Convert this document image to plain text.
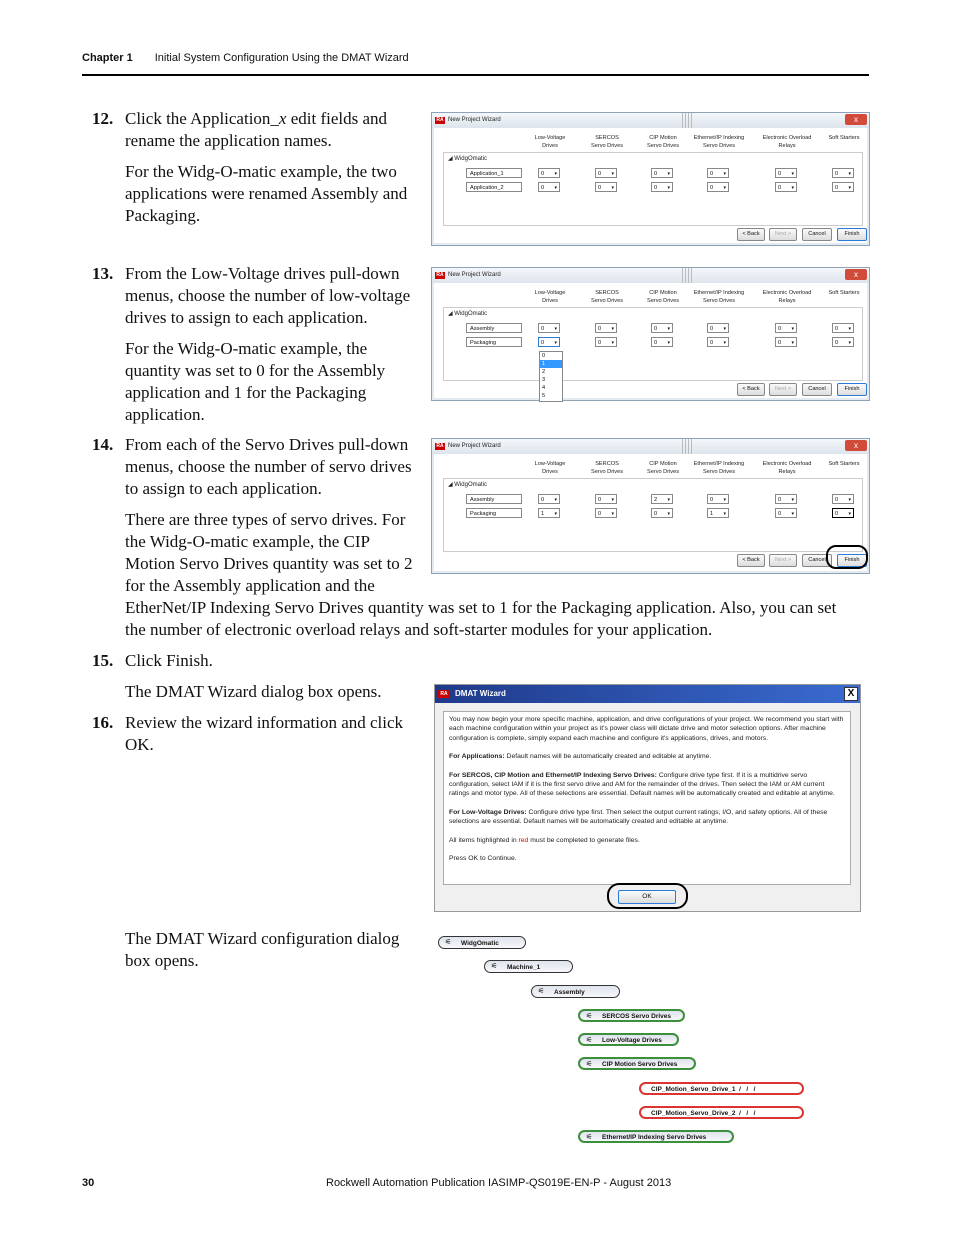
Chapter 1 Initial System Configuration Using the DMAT Wizard
12. Click the Application_x edit fields and
rename the application names.
For the Widg-O-matic example, the two
applications were renamed Assembly and
Packaging.
13. From the Low-Voltage drives pull-down
menus, choose the number of low-voltage
drives to assign to each application.
For the Widg-O-matic example, the
quantity was set to 0 for the Assembly
application and 1 for the Packaging
application.
14. From each of the Servo Drives pull-down
menus, choose the number of servo drives
to assign to each application.
There are three types of servo drives. For
the Widg-O-matic example, the CIP
Motion Servo Drives quantity was set to 2
for the Assembly application and the
EtherNet/IP Indexing Servo Drives quantity was set to 1 for the Packaging application. Also, you can set
the number of electronic overload relays and soft-starter modules for your application.
15. Click Finish.
The DMAT Wizard dialog box opens.
16. Review the wizard information and click
OK.
The DMAT Wizard configuration dialog
box opens.
RA New Project Wizard	x
Low-Voltage
Drives
SERCOS
Servo Drives
CIP Motion
Servo Drives
Ethernet/IP Indexing
Servo Drives
Electronic Overload
Relays
Soft Starters
◢ WidgOmatic
Application_1	0 ▾	0 ▾	0 ▾	0 ▾	0 ▾	0 ▾
Application_2	0 ▾	0 ▾	0 ▾	0 ▾	0 ▾	0 ▾
< Back	Next >	Cancel	Finish
RA New Project Wizard	x
Low-Voltage
Drives
SERCOS
Servo Drives
CIP Motion
Servo Drives
Ethernet/IP Indexing
Servo Drives
Electronic Overload
Relays
Soft Starters
◢ WidgOmatic
Assembly	0 ▾	0 ▾	0 ▾	0 ▾	0 ▾	0 ▾
Packaging	0 ▾	0 ▾	0 ▾	0 ▾	0 ▾	0 ▾
< Back	Next >	Cancel	Finish
0
1
2
3
4
5
RA New Project Wizard	x
Low-Voltage
Drives
SERCOS
Servo Drives
CIP Motion
Servo Drives
Ethernet/IP Indexing
Servo Drives
Electronic Overload
Relays
Soft Starters
◢ WidgOmatic
Assembly	0 ▾	0 ▾	2 ▾	0 ▾	0 ▾	0 ▾
Packaging	1 ▾	0 ▾	0 ▾	1 ▾	0 ▾	0 ▾
< Back	Next >	Cancel	Finish
RA DMAT Wizard	X

You may now begin your more specific machine, application, and drive configurations of your project. We recommend you start with each machine configuration within your project as it's power class will dictate drive and motor selection options. After machine configuration is complete, simply expand each machine and configure it's applications, drives, and motors.

For Applications: Default names will be automatically created and editable at anytime.

For SERCOS, CIP Motion and Ethernet/IP Indexing Servo Drives: Configure drive type first. If it is a multidrive servo configuration, select IAM if it is the first servo drive and AM for the remainder of the drives. Then select the IAM or AM current ratings and motor type. All of these selections are essential. Default names will be automatically created and editable at anytime.

For Low-Voltage Drives: Configure drive type first. Then select the output current ratings, I/O, and safety options. All of these selections are essential. Default names will be automatically created and editable at anytime.

All items highlighted in red must be completed to generate files.

Press OK to Continue.

OK
⚟	WidgOmatic
⚟	Machine_1
⚟	Assembly
⚟	SERCOS Servo Drives
⚟	Low-Voltage Drives
⚟	CIP Motion Servo Drives
CIP_Motion_Servo_Drive_1  /   /   /
CIP_Motion_Servo_Drive_2  /   /   /
⚟	Ethernet/IP Indexing Servo Drives
30	Rockwell Automation Publication IASIMP-QS019E-EN-P - August 2013
